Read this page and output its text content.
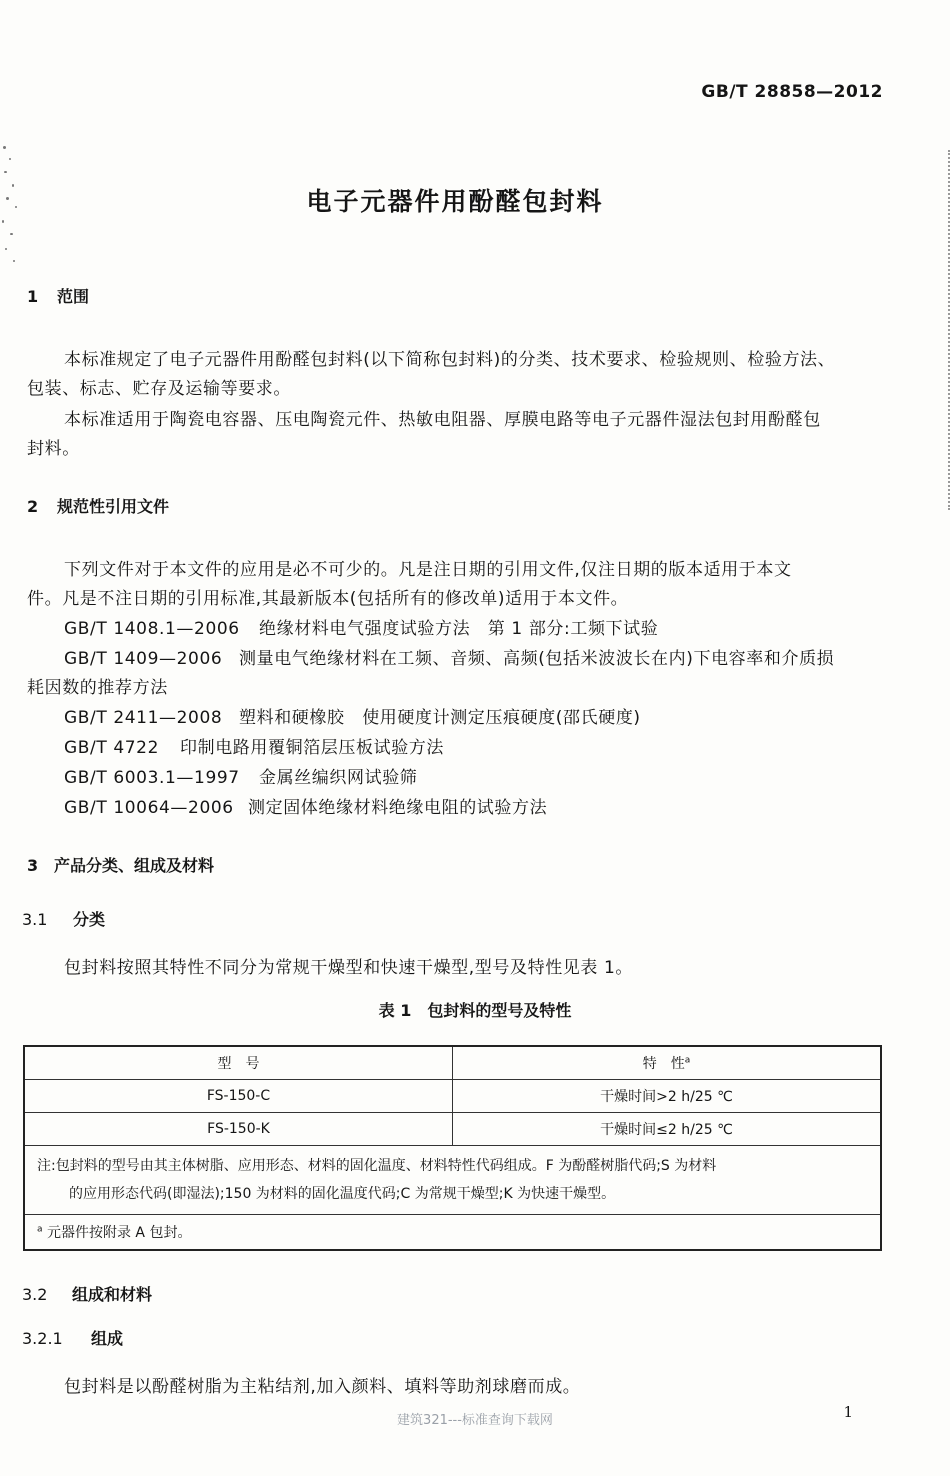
GB/T 28858—2012
电子元器件用酚醛包封料
1 范围
本标准规定了电子元器件用酚醛包封料(以下简称包封料)的分类、技术要求、检验规则、检验方法、
包装、标志、贮存及运输等要求。
本标准适用于陶瓷电容器、压电陶瓷元件、热敏电阻器、厚膜电路等电子元器件湿法包封用酚醛包
封料。
2 规范性引用文件
下列文件对于本文件的应用是必不可少的。凡是注日期的引用文件,仅注日期的版本适用于本文
件。凡是不注日期的引用标准,其最新版本(包括所有的修改单)适用于本文件。
GB/T 1408.1—2006 绝缘材料电气强度试验方法　第 1 部分:工频下试验
GB/T 1409—2006 测量电气绝缘材料在工频、音频、高频(包括米波波长在内)下电容率和介质损
耗因数的推荐方法
GB/T 2411—2008 塑料和硬橡胶　使用硬度计测定压痕硬度(邵氏硬度)
GB/T 4722 印制电路用覆铜箔层压板试验方法
GB/T 6003.1—1997 金属丝编织网试验筛
GB/T 10064—2006 测定固体绝缘材料绝缘电阻的试验方法
3 产品分类、组成及材料
3.1 分类
包封料按照其特性不同分为常规干燥型和快速干燥型,型号及特性见表 1。
表 1　包封料的型号及特性
型　号	特　性$^a$
FS-150-C	干燥时间>2 h/25 ℃
FS-150-K	干燥时间≤2 h/25 ℃

注:包封料的型号由其主体树脂、应用形态、材料的固化温度、材料特性代码组成。F 为酚醛树脂代码;S 为材料
的应用形态代码(即湿法);150 为材料的固化温度代码;C 为常规干燥型;K 为快速干燥型。	

$^a$ 元器件按附录 A 包封。	
3.2 组成和材料
3.2.1 组成
包封料是以酚醛树脂为主粘结剂,加入颜料、填料等助剂球磨而成。
1
建筑321---标准查询下载网
